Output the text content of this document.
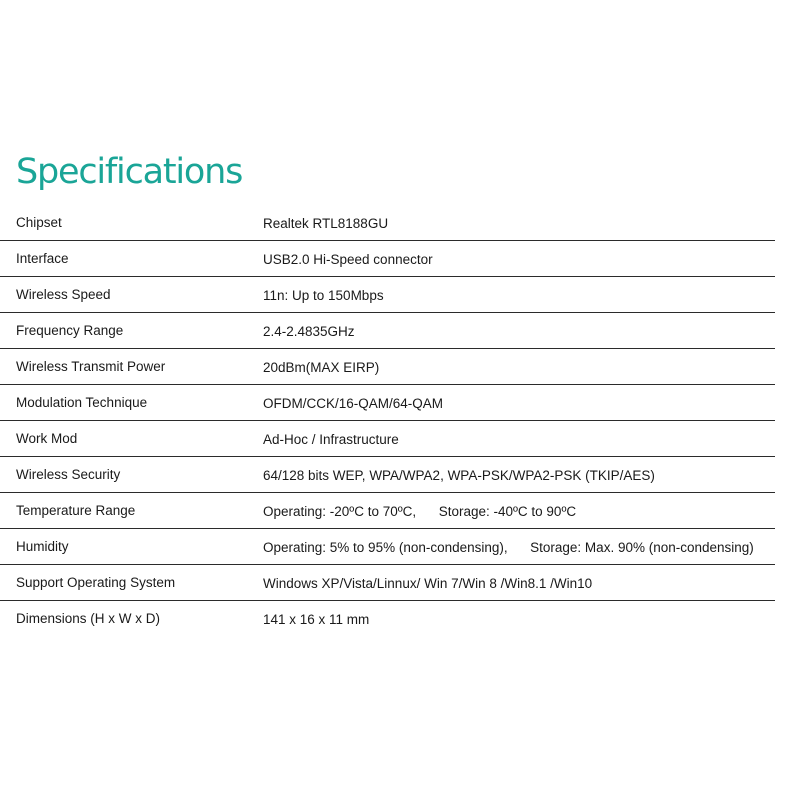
Specifications
Chipset	Realtek RTL8188GU
Interface	USB2.0 Hi-Speed connector
Wireless Speed	11n: Up to 150Mbps
Frequency Range	2.4-2.4835GHz
Wireless Transmit Power	20dBm(MAX EIRP)
Modulation Technique	OFDM/CCK/16-QAM/64-QAM
Work Mod	Ad-Hoc / Infrastructure
Wireless Security	64/128 bits WEP, WPA/WPA2, WPA-PSK/WPA2-PSK (TKIP/AES)
Temperature Range	Operating: -20ºC to 70ºC,      Storage: -40ºC to 90ºC
Humidity	Operating: 5% to 95% (non-condensing),      Storage: Max. 90% (non-condensing)
Support Operating System	Windows XP/Vista/Linnux/ Win 7/Win 8 /Win8.1 /Win10
Dimensions (H x W x D)	141 x 16 x 11 mm
